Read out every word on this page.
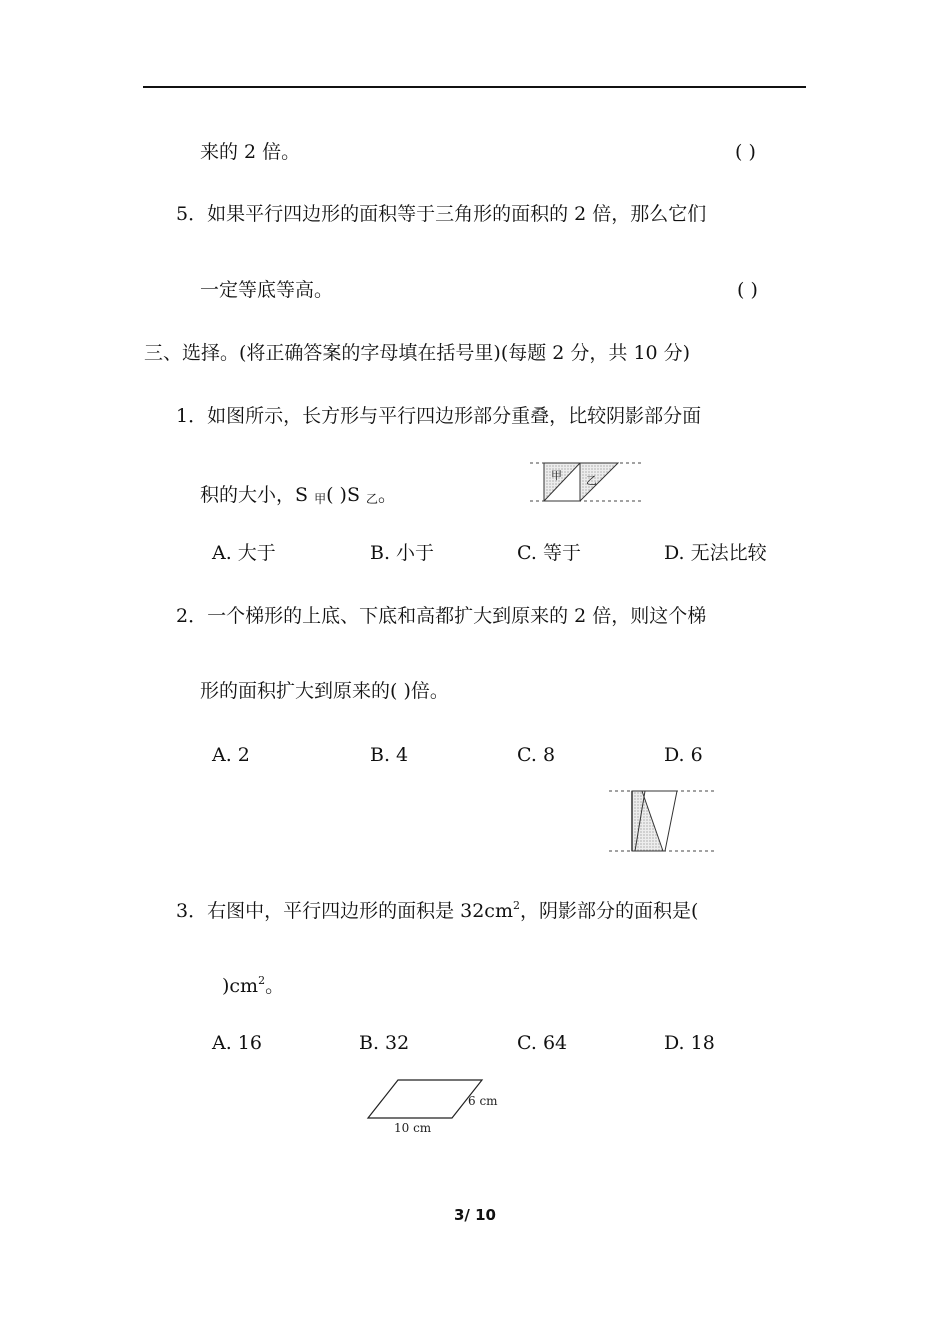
来的 2 倍。	( )
5．如果平行四边形的面积等于三角形的面积的 2 倍，那么它们
一定等底等高。	( )
三、选择。(将正确答案的字母填在括号里)(每题 2 分，共 10 分)
1．如图所示，长方形与平行四边形部分重叠，比较阴影部分面
积的大小，S 甲( )S 乙。
甲 乙
A. 大于	B. 小于	C. 等于	D. 无法比较
2．一个梯形的上底、下底和高都扩大到原来的 2 倍，则这个梯
形的面积扩大到原来的( )倍。
A. 2	B. 4	C. 8	D. 6
3．右图中，平行四边形的面积是 $32cm^2$，阴影部分的面积是(
)$cm^2$。
A. 16	B. 32	C. 64	D. 18
6 cm
10 cm
3/ 10
